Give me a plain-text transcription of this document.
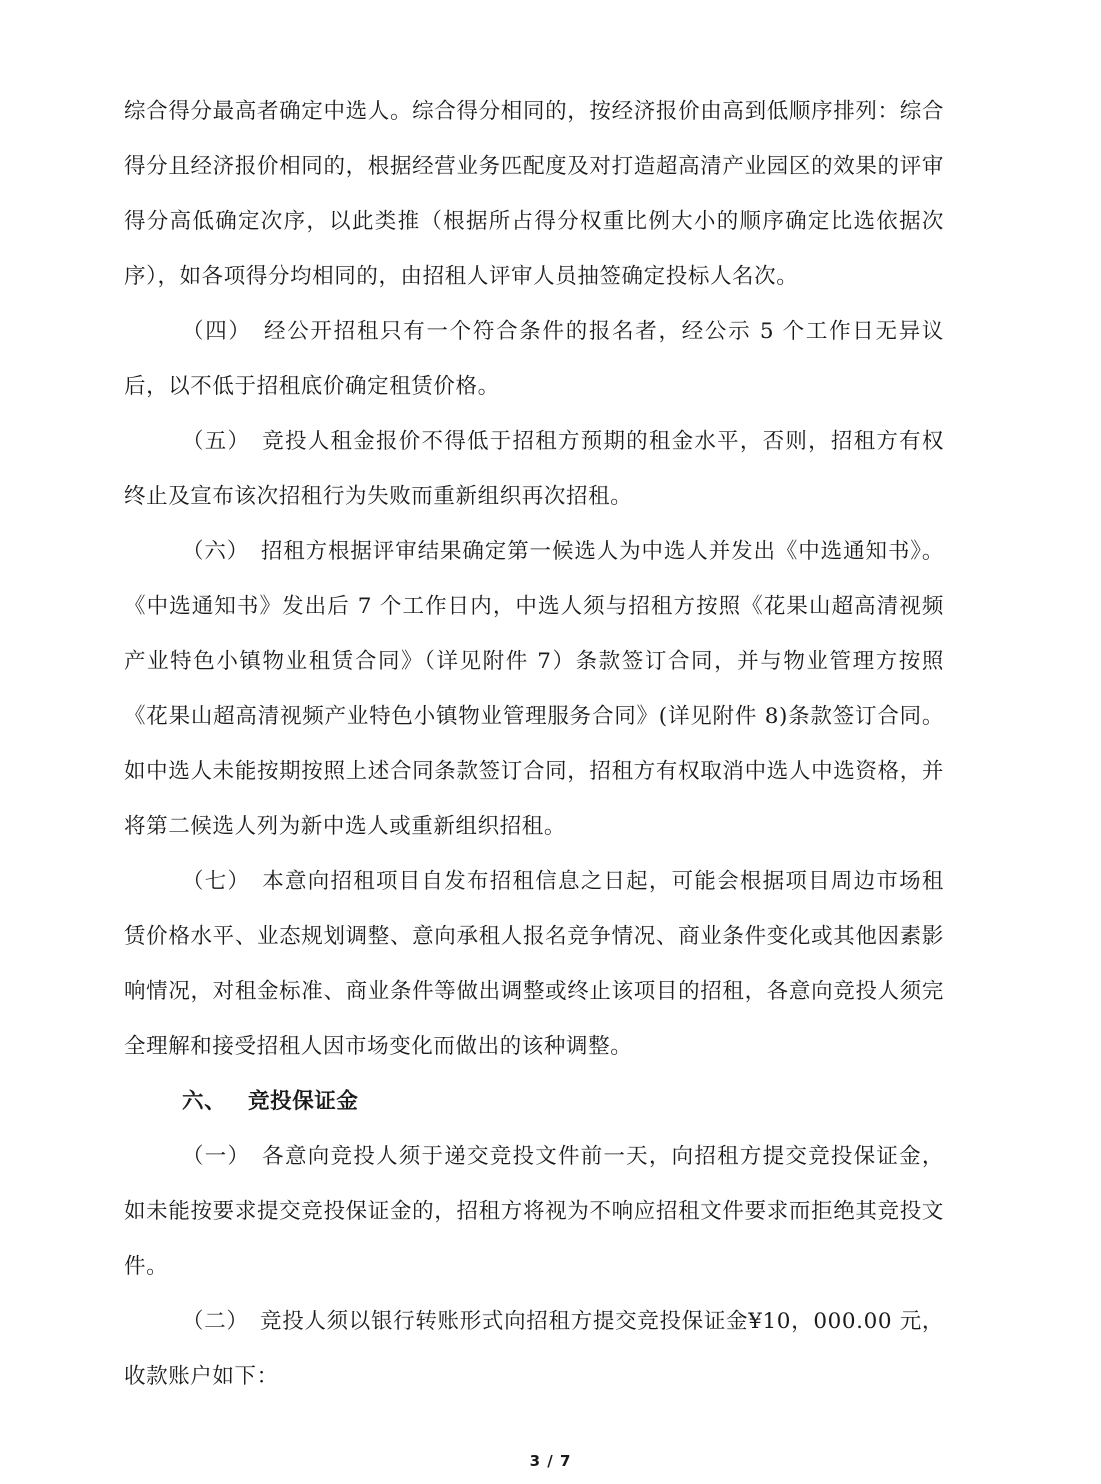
综合得分最高者确定中选人。综合得分相同的，按经济报价由高到低顺序排列：综合得分且经济报价相同的，根据经营业务匹配度及对打造超高清产业园区的效果的评审得分高低确定次序，以此类推（根据所占得分权重比例大小的顺序确定比选依据次序），如各项得分均相同的，由招租人评审人员抽签确定投标人名次。

（四）　经公开招租只有一个符合条件的报名者，经公示 5 个工作日无异议后，以不低于招租底价确定租赁价格。

（五）　竞投人租金报价不得低于招租方预期的租金水平，否则，招租方有权终止及宣布该次招租行为失败而重新组织再次招租。

（六）　招租方根据评审结果确定第一候选人为中选人并发出《中选通知书》。《中选通知书》发出后 7 个工作日内，中选人须与招租方按照《花果山超高清视频产业特色小镇物业租赁合同》（详见附件 7）条款签订合同，并与物业管理方按照《花果山超高清视频产业特色小镇物业管理服务合同》(详见附件 8)条款签订合同。如中选人未能按期按照上述合同条款签订合同，招租方有权取消中选人中选资格，并将第二候选人列为新中选人或重新组织招租。

（七）　本意向招租项目自发布招租信息之日起，可能会根据项目周边市场租赁价格水平、业态规划调整、意向承租人报名竞争情况、商业条件变化或其他因素影响情况，对租金标准、商业条件等做出调整或终止该项目的招租，各意向竞投人须完全理解和接受招租人因市场变化而做出的该种调整。

六、 竞投保证金

（一）　各意向竞投人须于递交竞投文件前一天，向招租方提交竞投保证金，如未能按要求提交竞投保证金的，招租方将视为不响应招租文件要求而拒绝其竞投文件。

（二）　竞投人须以银行转账形式向招租方提交竞投保证金¥10，000.00 元，收款账户如下：

3 / 7
